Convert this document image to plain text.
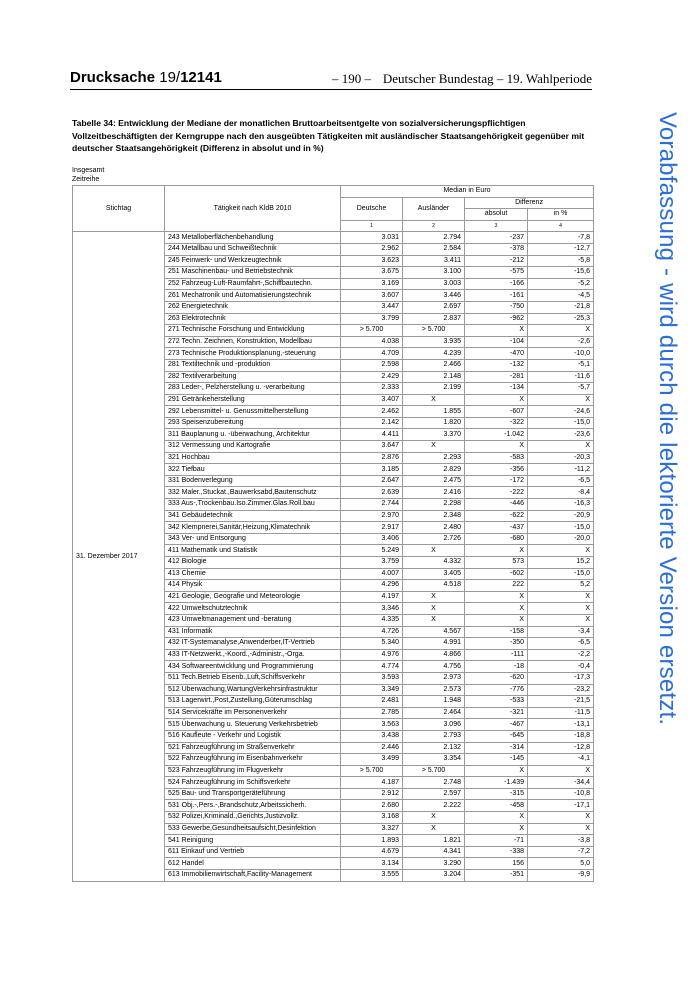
Drucksache 19/12141	– 190 – Deutscher Bundestag – 19. Wahlperiode
Tabelle 34: Entwicklung der Mediane der monatlichen Bruttoarbeitsentgelte von sozialversicherungspflichtigen Vollzeitbeschäftigten der Kerngruppe nach den ausgeübten Tätigkeiten mit ausländischer Staatsangehörigkeit gegenüber mit deutscher Staatsangehörigkeit (Differenz in absolut und in %)
Insgesamt
Zeitreihe	Vorabfassung - wird durch die lektorierte Version ersetzt.
Stichtag	Tätigkeit nach KldB 2010	Median in Euro			
		Deutsche	Ausländer	Differenz	
				absolut	in %
		1	2	3	4
31. Dezember 2017	243 Metalloberflächenbehandlung	3.031	2.794	-237	-7,8
	244 Metallbau und Schweißtechnik	2.962	2.584	-378	-12,7
	245 Feinwerk- und Werkzeugtechnik	3.623	3.411	-212	-5,8
	251 Maschinenbau- und Betriebstechnik	3.675	3.100	-575	-15,6
	252 Fahrzeug-Luft-Raumfahrt-,Schiffbautechn.	3.169	3.003	-166	-5,2
	261 Mechatronik und Automatisierungstechnik	3.607	3.446	-161	-4,5
	262 Energietechnik	3.447	2.697	-750	-21,8
	263 Elektrotechnik	3.799	2.837	-962	-25,3
	271 Technische Forschung und Entwicklung	> 5.700	> 5.700	X	X
	272 Techn. Zeichnen, Konstruktion, Modellbau	4.038	3.935	-104	-2,6
	273 Technische Produktionsplanung,-steuerung	4.709	4.239	-470	-10,0
	281 Textiltechnik und -produktion	2.598	2.466	-132	-5,1
	282 Textilverarbeitung	2.429	2.148	-281	-11,6
	283 Leder-, Pelzherstellung u. -verarbeitung	2.333	2.199	-134	-5,7
	291 Getränkeherstellung	3.407	X	X	X
	292 Lebensmittel- u. Genussmittelherstellung	2.462	1.855	-607	-24,6
	293 Speisenzubereitung	2.142	1.820	-322	-15,0
	311 Bauplanung u. -überwachung, Architektur	4.411	3.370	-1.042	-23,6
	312 Vermessung und Kartografie	3.647	X	X	X
	321 Hochbau	2.876	2.293	-583	-20,3
	322 Tiefbau	3.185	2.829	-356	-11,2
	331 Bodenverlegung	2.647	2.475	-172	-6,5
	332 Maler.,Stuckat.,Bauwerksabd,Bautenschutz	2.639	2.416	-222	-8,4
	333 Aus-,Trockenbau.Iso.Zimmer.Glas.Roll.bau	2.744	2.298	-446	-16,3
	341 Gebäudetechnik	2.970	2.348	-622	-20,9
	342 Klempnerei,Sanitär,Heizung,Klimatechnik	2.917	2.480	-437	-15,0
	343 Ver- und Entsorgung	3.406	2.726	-680	-20,0
	411 Mathematik und Statistik	5.249	X	X	X
	412 Biologie	3.759	4.332	573	15,2
	413 Chemie	4.007	3.405	-602	-15,0
	414 Physik	4.296	4.518	222	5,2
	421 Geologie, Geografie und Meteorologie	4.197	X	X	X
	422 Umweltschutztechnik	3.346	X	X	X
	423 Umweltmanagement und -beratung	4.335	X	X	X
	431 Informatik	4.726	4.567	-158	-3,4
	432 IT-Systemanalyse,Anwenderber,IT-Vertrieb	5.340	4.991	-350	-6,5
	433 IT-Netzwerkt.,-Koord.,-Administr.,-Orga.	4.976	4.866	-111	-2,2
	434 Softwareentwicklung und Programmierung	4.774	4.756	-18	-0,4
	511 Tech.Betrieb Eisenb.,Luft,Schiffsverkehr	3.593	2.973	-620	-17,3
	512 Überwachung,WartungVerkehrsinfrastruktur	3.349	2.573	-776	-23,2
	513 Lagerwirt.,Post,Zustellung,Güterumschlag	2.481	1.948	-533	-21,5
	514 Servicekräfte im Personenverkehr	2.785	2.464	-321	-11,5
	515 Überwachung u. Steuerung Verkehrsbetrieb	3.563	3.096	-467	-13,1
	516 Kaufleute - Verkehr und Logistik	3.438	2.793	-645	-18,8
	521 Fahrzeugführung im Straßenverkehr	2.446	2.132	-314	-12,8
	522 Fahrzeugführung im Eisenbahnverkehr	3.499	3.354	-145	-4,1
	523 Fahrzeugführung im Flugverkehr	> 5.700	> 5.700	X	X
	524 Fahrzeugführung im Schiffsverkehr	4.187	2.748	-1.439	-34,4
	525 Bau- und Transportgeräteführung	2.912	2.597	-315	-10,8
	531 Obj.-,Pers.-,Brandschutz,Arbeitssicherh.	2.680	2.222	-458	-17,1
	532 Polizei,Kriminald.,Gerichts,Justizvollz.	3.168	X	X	X
	533 Gewerbe,Gesundheitsaufsicht,Desinfektion	3.327	X	X	X
	541 Reinigung	1.893	1.821	-71	-3,8
	611 Einkauf und Vertrieb	4.679	4.341	-338	-7,2
	612 Handel	3.134	3.290	156	5,0
	613 Immobilienwirtschaft,Facility-Management	3.555	3.204	-351	-9,9
